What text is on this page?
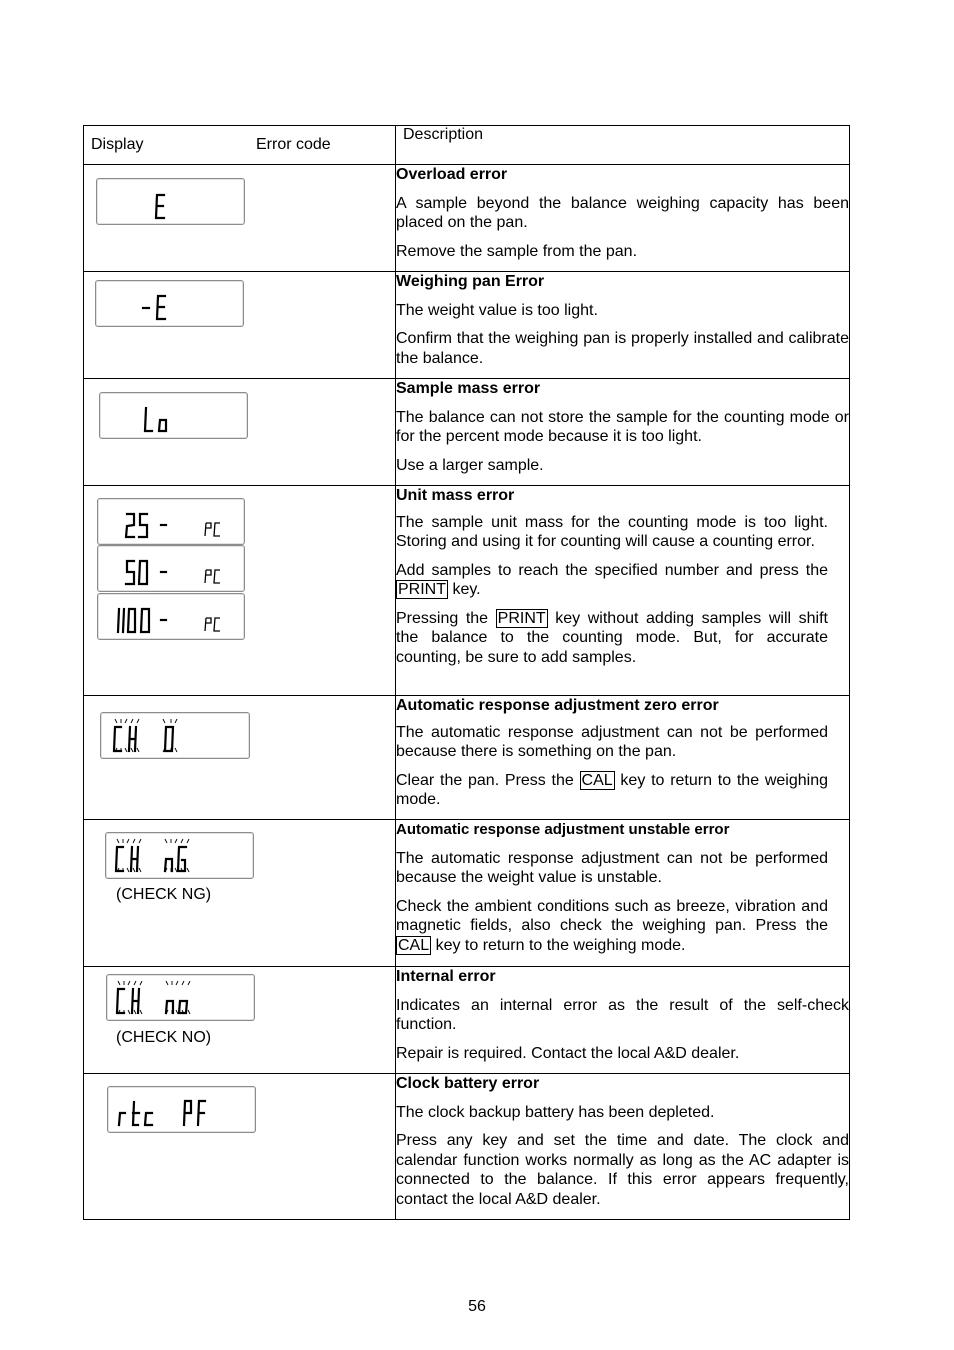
Display Error code	Description

Overload error

A sample beyond the balance weighing capacity has been placed on the pan.

Remove the sample from the pan.

Weighing pan Error

The weight value is too light.

Confirm that the weighing pan is properly installed and calibrate the balance.

Sample mass error

The balance can not store the sample for the counting mode or for the percent mode because it is too light.

Use a larger sample.

Unit mass error

The sample unit mass for the counting mode is too light. Storing and using it for counting will cause a counting error.

Add samples to reach the specified number and press the PRINT key.

Pressing the PRINT key without adding samples will shift the balance to the counting mode. But, for accurate counting, be sure to add samples.

Automatic response adjustment zero error

The automatic response adjustment can not be performed because there is something on the pan.

Clear the pan. Press the CAL key to return to the weighing mode.

(CHECK NG)	Automatic response adjustment unstable error

The automatic response adjustment can not be performed because the weight value is unstable.

Check the ambient conditions such as breeze, vibration and magnetic fields, also check the weighing pan. Press the CAL key to return to the weighing mode.

(CHECK NO)	Internal error

Indicates an internal error as the result of the self-check function.

Repair is required. Contact the local A&D dealer.

Clock battery error

The clock backup battery has been depleted.

Press any key and set the time and date. The clock and calendar function works normally as long as the AC adapter is connected to the balance. If this error appears frequently, contact the local A&D dealer.

56
